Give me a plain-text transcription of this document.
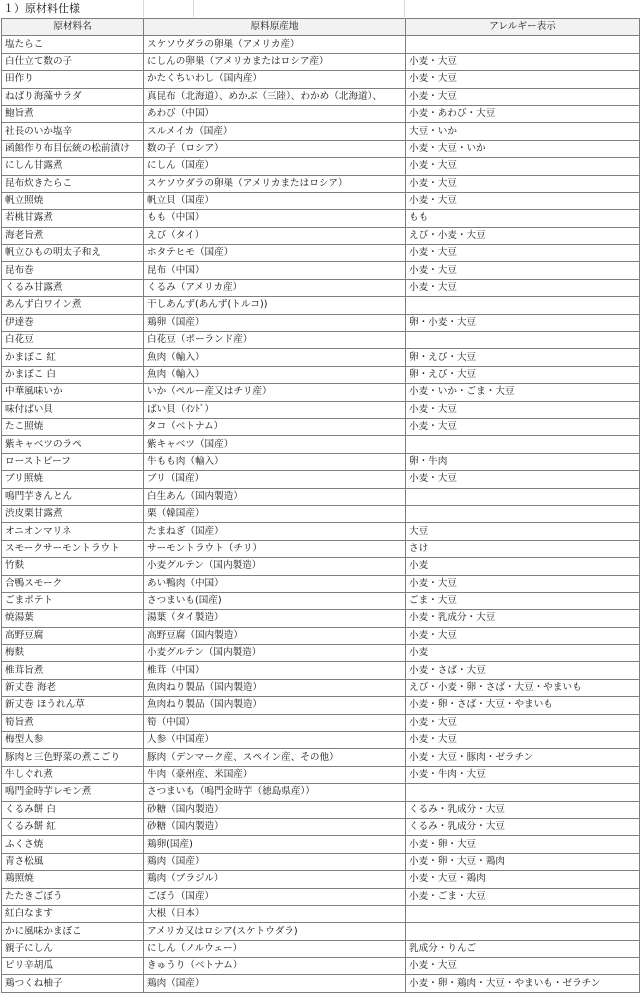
１）原材料仕様
原材料名	原料原産地	アレルギー表示
塩たらこ	スケソウダラの卵巣（アメリカ産）	
白仕立て数の子	にしんの卵巣（アメリカまたはロシア産）	小麦・大豆
田作り	かたくちいわし（国内産）	小麦・大豆
ねばり海藻サラダ	真昆布（北海道）、めかぶ（三陸）、わかめ（北海道）、	小麦・大豆
鮑旨煮	あわび（中国）	小麦・あわび・大豆
社長のいか塩辛	スルメイカ（国産）	大豆・いか
函館作り布目伝統の松前漬け	数の子（ロシア）	小麦・大豆・いか
にしん甘露煮	にしん（国産）	小麦・大豆
昆布炊きたらこ	スケソウダラの卵巣（アメリカまたはロシア）	小麦・大豆
帆立照焼	帆立貝（国産）	小麦・大豆
若桃甘露煮	もも（中国）	もも
海老旨煮	えび（タイ）	えび・小麦・大豆
帆立ひもの明太子和え	ホタテヒモ（国産）	小麦・大豆
昆布巻	昆布（中国）	小麦・大豆
くるみ甘露煮	くるみ（アメリカ産）	小麦・大豆
あんず白ワイン煮	干しあんず(あんず(トルコ))	
伊達巻	鶏卵（国産）	卵・小麦・大豆
白花豆	白花豆（ポーランド産）	
かまぼこ 紅	魚肉（輸入）	卵・えび・大豆
かまぼこ 白	魚肉（輸入）	卵・えび・大豆
中華風味いか	いか（ペルー産又はチリ産）	小麦・いか・ごま・大豆
味付ばい貝	ばい貝（ｲﾝﾄﾞ）	小麦・大豆
たこ照焼	タコ（ベトナム）	小麦・大豆
紫キャベツのラペ	紫キャベツ（国産）	
ローストビーフ	牛もも肉（輸入）	卵・牛肉
ブリ照焼	ブリ（国産）	小麦・大豆
鳴門芋きんとん	白生あん（国内製造）	
渋皮栗甘露煮	栗（韓国産）	
オニオンマリネ	たまねぎ（国産）	大豆
スモークサーモントラウト	サーモントラウト（チリ）	さけ
竹麩	小麦グルテン（国内製造）	小麦
合鴨スモーク	あい鴨肉（中国）	小麦・大豆
ごまポテト	さつまいも(国産)	ごま・大豆
焼湯葉	湯葉（タイ製造）	小麦・乳成分・大豆
高野豆腐	高野豆腐（国内製造）	小麦・大豆
梅麩	小麦グルテン（国内製造）	小麦
椎茸旨煮	椎茸（中国）	小麦・さば・大豆
新丈巻 海老	魚肉ねり製品（国内製造）	えび・小麦・卵・さば・大豆・やまいも
新丈巻 ほうれん草	魚肉ねり製品（国内製造）	小麦・卵・さば・大豆・やまいも
筍旨煮	筍（中国）	小麦・大豆
梅型人参	人参（中国産）	小麦・大豆
豚肉と三色野菜の煮こごり	豚肉（デンマーク産、スペイン産、その他）	小麦・大豆・豚肉・ゼラチン
牛しぐれ煮	牛肉（豪州産、米国産）	小麦・牛肉・大豆
鳴門金時芋レモン煮	さつまいも（鳴門金時芋（徳島県産））	
くるみ餅 白	砂糖（国内製造）	くるみ・乳成分・大豆
くるみ餅 紅	砂糖（国内製造）	くるみ・乳成分・大豆
ふくさ焼	鶏卵(国産)	小麦・卵・大豆
青さ松風	鶏肉（国産）	小麦・卵・大豆・鶏肉
鶏照焼	鶏肉（ブラジル）	小麦・大豆・鶏肉
たたきごぼう	ごぼう（国産）	小麦・ごま・大豆
紅白なます	大根（日本）	
かに風味かまぼこ	アメリカ又はロシア(スケトウダラ)	
親子にしん	にしん（ノルウェー）	乳成分・りんご
ピリ辛胡瓜	きゅうり（ベトナム）	小麦・大豆
鶏つくね柚子	鶏肉（国産）	小麦・卵・鶏肉・大豆・やまいも・ゼラチン
